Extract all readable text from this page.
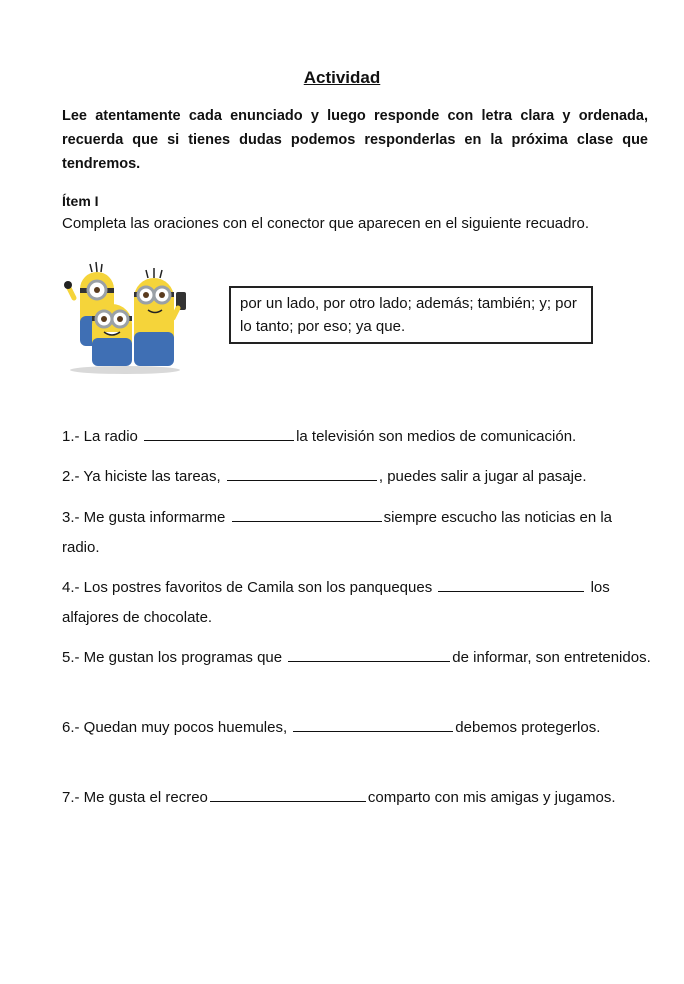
Actividad
Lee atentamente cada enunciado y luego responde con letra clara y ordenada, recuerda que si tienes dudas podemos responderlas en la próxima clase que tendremos.
Ítem I
Completa las oraciones con el conector que aparecen en el siguiente recuadro.
por un lado, por otro lado; además; también; y; por lo tanto; por eso; ya que.
1.- La radio	la televisión son medios de comunicación.
2.- Ya hiciste las tareas,	, puedes salir a jugar al pasaje.
3.- Me gusta informarme	siempre escucho las noticias en la radio.
4.- Los postres favoritos de Camila son los panqueques	los alfajores de chocolate.
5.- Me gustan los programas que	de informar, son entretenidos.
6.- Quedan muy pocos huemules,	debemos protegerlos.
7.- Me gusta el recreo	comparto con mis amigas y jugamos.
